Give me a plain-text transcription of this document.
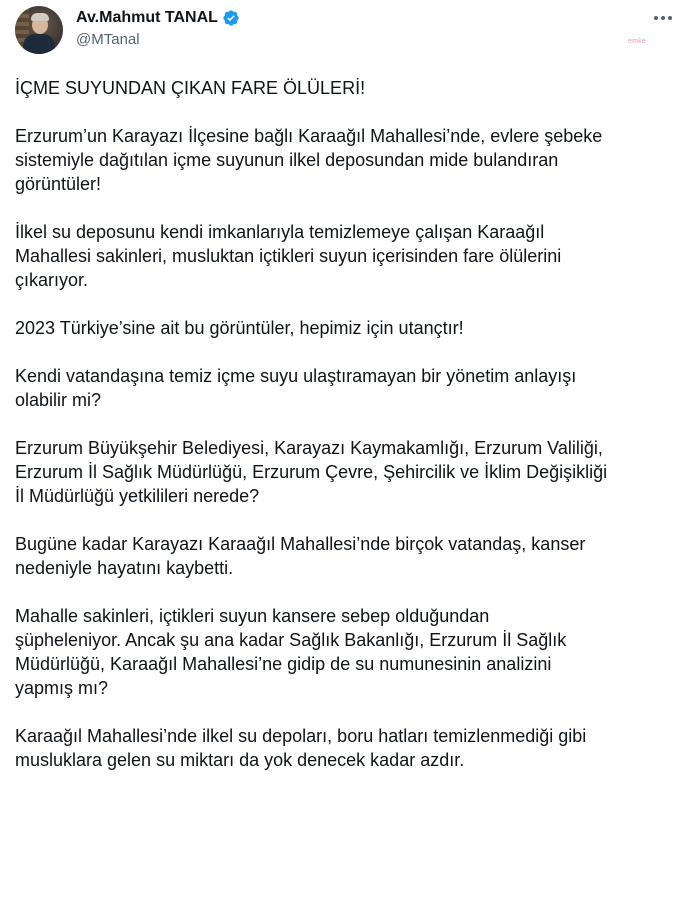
Av.Mahmut TANAL
@MTanal	emke

İÇME SUYUNDAN ÇIKAN FARE ÖLÜLERİ!

Erzurum’un Karayazı İlçesine bağlı Karaağıl Mahallesi’nde, evlere şebeke
sistemiyle dağıtılan içme suyunun ilkel deposundan mide bulandıran
görüntüler!

İlkel su deposunu kendi imkanlarıyla temizlemeye çalışan Karaağıl
Mahallesi sakinleri, musluktan içtikleri suyun içerisinden fare ölülerini
çıkarıyor.

2023 Türkiye’sine ait bu görüntüler, hepimiz için utançtır!

Kendi vatandaşına temiz içme suyu ulaştıramayan bir yönetim anlayışı
olabilir mi?

Erzurum Büyükşehir Belediyesi, Karayazı Kaymakamlığı, Erzurum Valiliği,
Erzurum İl Sağlık Müdürlüğü, Erzurum Çevre, Şehircilik ve İklim Değişikliği
İl Müdürlüğü yetkilileri nerede?

Bugüne kadar Karayazı Karaağıl Mahallesi’nde birçok vatandaş, kanser
nedeniyle hayatını kaybetti.

Mahalle sakinleri, içtikleri suyun kansere sebep olduğundan
şüpheleniyor. Ancak şu ana kadar Sağlık Bakanlığı, Erzurum İl Sağlık
Müdürlüğü, Karaağıl Mahallesi’ne gidip de su numunesinin analizini
yapmış mı?

Karaağıl Mahallesi’nde ilkel su depoları, boru hatları temizlenmediği gibi
musluklara gelen su miktarı da yok denecek kadar azdır.
